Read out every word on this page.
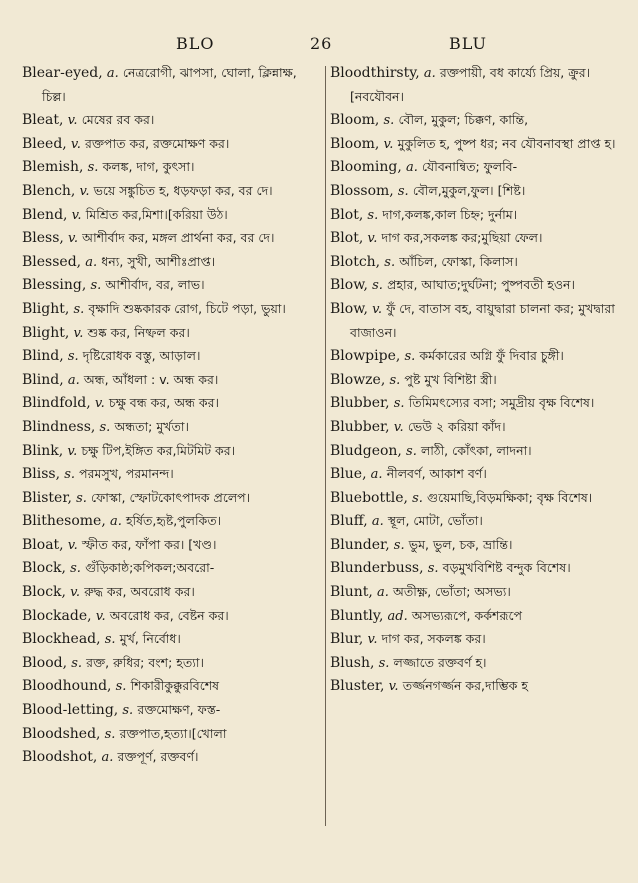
BLO	26	BLU
Blear-eyed, a. নেত্ররোগী, ঝাপসা, ঘোলা, ক্লিন্নাক্ষ, চিল্ল।
Bleat, v. মেষের রব কর।
Bleed, v. রক্তপাত কর, রক্তমোক্ষণ কর।
Blemish, s. কলঙ্ক, দাগ, কুৎসা।
Blench, v. ভয়ে সঙ্কুচিত হ, ধড়ফড়া কর, বর দে।
Blend, v. মিশ্রিত কর,মিশা।[করিয়া উঠ।
Bless, v. আশীর্বাদ কর, মঙ্গল প্রার্থনা কর, বর দে।
Blessed, a. ধন্য, সুখী, আশীঃপ্রাপ্ত।
Blessing, s. আশীর্বাদ, বর, লাভ।
Blight, s. বৃক্ষাদি শুষ্ককারক রোগ, চিটে পড়া, ভুয়া।
Blight, v. শুষ্ক কর, নিষ্ফল কর।
Blind, s. দৃষ্টিরোধক বস্তু, আড়াল।
Blind, a. অন্ধ, আঁধলা : v. অন্ধ কর।
Blindfold, v. চক্ষু বন্ধ কর, অন্ধ কর।
Blindness, s. অন্ধতা; মুর্খতা।
Blink, v. চক্ষু টিপ,ইঙ্গিত কর,মিটমিট কর।
Bliss, s. পরমসুখ, পরমানন্দ।
Blister, s. ফোস্কা, স্ফোটকোৎপাদক প্রলেপ।
Blithesome, a. হর্ষিত,হৃষ্ট,পুলকিত।
Bloat, v. স্ফীত কর, ফাঁপা কর। [খণ্ড।
Block, s. গুঁড়িকাষ্ঠ;কপিকল;অবরো-
Block, v. রুদ্ধ কর, অবরোধ কর।
Blockade, v. অবরোধ কর, বেষ্টন কর।
Blockhead, s. মুর্খ, নির্বোধ।
Blood, s. রক্ত, রুধির; বংশ; হত্যা।
Bloodhound, s. শিকারীকুক্কুরবিশেষ
Blood-letting, s. রক্তমোক্ষণ, ফস্ত-
Bloodshed, s. রক্তপাত,হত্যা।[খোলা
Bloodshot, a. রক্তপূর্ণ, রক্তবর্ণ।
Bloodthirsty, a. রক্তপায়ী, বধ কাৰ্য্যে প্রিয়, ক্রুর। [নবযৌবন।
Bloom, s. বৌল, মুকুল; চিক্কণ, কান্তি,
Bloom, v. মুকুলিত হ, পুষ্প ধর; নব যৌবনাবস্থা প্রাপ্ত হ।
Blooming, a. যৌবনান্বিত; ফুলবি-
Blossom, s. বৌল,মুকুল,ফুল। [শিষ্ট।
Blot, s. দাগ,কলঙ্ক,কাল চিহ্ন; দুর্নাম।
Blot, v. দাগ কর,সকলঙ্ক কর;মুছিয়া ফেল।
Blotch, s. আঁচিল, ফোস্কা, কিলাস।
Blow, s. প্রহার, আঘাত;দুর্ঘটনা; পুষ্পবতী হওন।
Blow, v. ফুঁ দে, বাতাস বহ, বায়ুদ্বারা চালনা কর; মুখদ্বারা বাজাওন।
Blowpipe, s. কর্মকারের অগ্নি ফুঁ দিবার চুঙ্গী।
Blowze, s. পুষ্ট মুখ বিশিষ্টা স্ত্রী।
Blubber, s. তিমিমৎস্যের বসা; সমুদ্রীয় বৃক্ষ বিশেষ।
Blubber, v. ভেউ ২ করিয়া কাঁদ।
Bludgeon, s. লাঠী, কোঁৎকা, লাদনা।
Blue, a. নীলবর্ণ, আকাশ বর্ণ।
Bluebottle, s. গুয়েমাছি,বিড়মক্ষিকা; বৃক্ষ বিশেষ।
Bluff, a. স্থূল, মোটা, ভোঁতা।
Blunder, s. ভুম, ভুল, চক, ভ্রান্তি।
Blunderbuss, s. বড়মুখবিশিষ্ট বন্দুক বিশেষ।
Blunt, a. অতীক্ষ্ণ, ভোঁতা; অসভ্য।
Bluntly, ad. অসভ্যরূপে, কর্কশরূপে
Blur, v. দাগ কর, সকলঙ্ক কর।
Blush, s. লজ্জাতে রক্তবর্ণ হ।
Bluster, v. তর্জ্জনগর্জ্জন কর,দাম্ভিক হ
